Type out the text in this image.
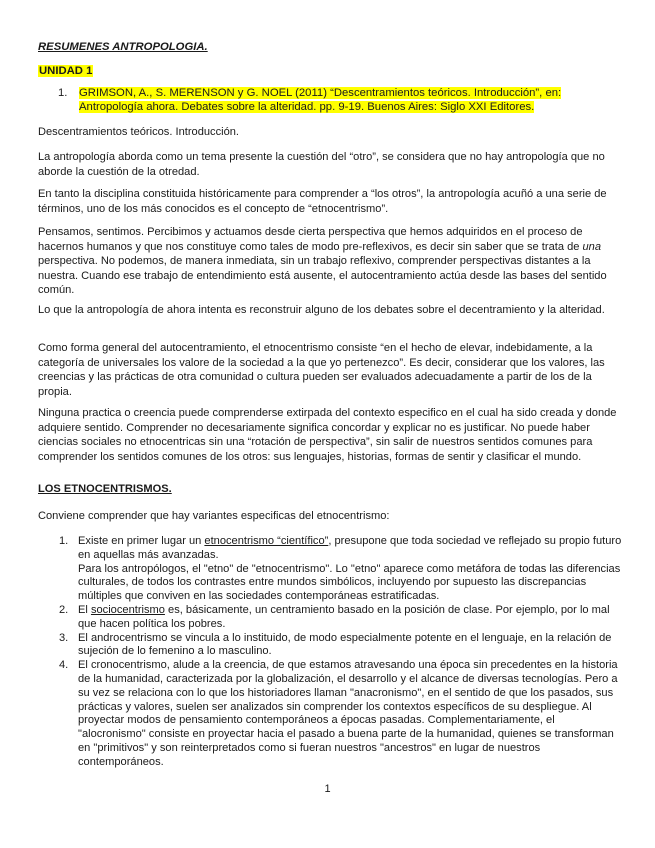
RESUMENES ANTROPOLOGIA.
UNIDAD 1
1. GRIMSON, A., S. MERENSON y G. NOEL (2011) “Descentramientos teóricos. Introducción”, en: Antropología ahora. Debates sobre la alteridad. pp. 9-19. Buenos Aires: Siglo XXI Editores.

Descentramientos teóricos. Introducción.

La antropología aborda como un tema presente la cuestión del “otro”, se considera que no hay antropología que no aborde la cuestión de la otredad.

En tanto la disciplina constituida históricamente para comprender a “los otros”, la antropología acuñó a una serie de términos, uno de los más conocidos es el concepto de “etnocentrismo”.

Pensamos, sentimos. Percibimos y actuamos desde cierta perspectiva que hemos adquiridos en el proceso de hacernos humanos y que nos constituye como tales de modo pre-reflexivos, es decir sin saber que se trata de una perspectiva. No podemos, de manera inmediata, sin un trabajo reflexivo, comprender perspectivas distantes a la nuestra. Cuando ese trabajo de entendimiento está ausente, el autocentramiento actúa desde las bases del sentido común.

Lo que la antropología de ahora intenta es reconstruir alguno de los debates sobre el decentramiento y la alteridad.

Como forma general del autocentramiento, el etnocentrismo consiste “en el hecho de elevar, indebidamente, a la categoría de universales los valore de la sociedad a la que yo pertenezco”. Es decir, considerar que los valores, las creencias y las prácticas de otra comunidad o cultura pueden ser evaluados adecuadamente a partir de los de la propia.

Ninguna practica o creencia puede comprenderse extirpada del contexto especifico en el cual ha sido creada y donde adquiere sentido. Comprender no decesariamente significa concordar y explicar no es justificar. No puede haber ciencias sociales no etnocentricas sin una “rotación de perspectiva”, sin salir de nuestros sentidos comunes para comprender los sentidos comunes de los otros: sus lenguajes, historias, formas de sentir y clasificar el mundo.

LOS ETNOCENTRISMOS.

Conviene comprender que hay variantes especificas del etnocentrismo:

1. Existe en primer lugar un etnocentrismo “científico”, presupone que toda sociedad ve reflejado su propio futuro en aquellas más avanzadas.
Para los antropólogos, el "etno" de "etnocentrismo". Lo "etno" aparece como metáfora de todas las diferencias culturales, de todos los contrastes entre mundos simbólicos, incluyendo por supuesto las discrepancias múltiples que conviven en las sociedades contemporáneas estratificadas.
2. El sociocentrismo es, básicamente, un centramiento basado en la posición de clase. Por ejemplo, por lo mal que hacen política los pobres.
3. El androcentrismo se vincula a lo instituido, de modo especialmente potente en el lenguaje, en la relación de sujeción de lo femenino a lo masculino.
4. El cronocentrismo, alude a la creencia, de que estamos atravesando una época sin precedentes en la historia de la humanidad, caracterizada por la globalización, el desarrollo y el alcance de diversas tecnologías. Pero a su vez se relaciona con lo que los historiadores llaman "anacronismo", en el sentido de que los pasados, sus prácticas y valores, suelen ser analizados sin comprender los contextos específicos de su despliegue. Al proyectar modos de pensamiento contemporáneos a épocas pasadas. Complementariamente, el "alocronismo" consiste en proyectar hacia el pasado a buena parte de la humanidad, quienes se transforman en "primitivos" y son reinterpretados como si fueran nuestros "ancestros" en lugar de nuestros contemporáneos.
1
